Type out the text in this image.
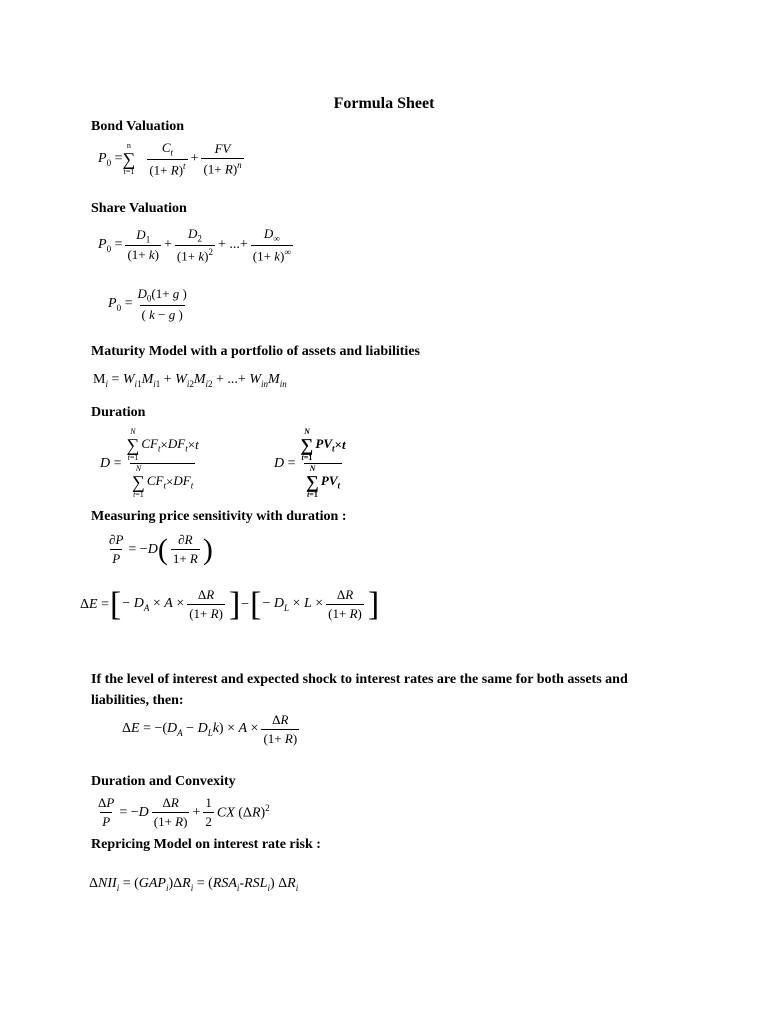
Formula Sheet
Bond Valuation
$P_0$ =
n
∑
t=1
$C_t$
$(1+ R)^t + \frac{FV}{(1+ R)^n}$
Share Valuation
$P_0 = \frac{D_1}{(1+ k)} + \frac{D_2}{(1+ k)^2}$ + ...+ $\frac{D_\infty}{(1+ k)^\infty}$
$P_0 = \frac{D_0(1+ g )}{( k - g )}$
Maturity Model with a portfolio of assets and liabilities
$M_i = W_{i1}M_{i1} + W_{i2}M_{i2}$ + ...+ $W_{in}M_{in}$
Duration
D =
N
∑
t=1
$CF_t \times DF_t \times t$
N
∑
t=1
$CF_t \times DF_t$
D =
N
∑
t=1
$PV_t \times t$
N
∑
t=1
$PV_t$
Measuring price sensitivity with duration :
$\frac{\partial P}{P} = -D$ ( ∂R
1+ R )
ΔE = [ − $D_A \times A \times \frac{\Delta R}{(1+ R)}$ ] − [ − $D_L \times L \times \frac{\Delta R}{(1+ R)}$ ]
If the level of interest and expected shock to interest rates are the same for both assets and liabilities, then:
$\Delta E = -(D_A - D_Lk) \times A \times \frac{\Delta R}{(1+ R)}$
Duration and Convexity
$\frac{\Delta P}{P} = -D$
ΔR
(1+ R)
+ $\frac{1}{2}$ CX $(\Delta R)^2$
Repricing Model on interest rate risk :
$\Delta NII_i = (GAP_i)\Delta R_i = (RSA_i-RSL_i)$ $\Delta R_i$
